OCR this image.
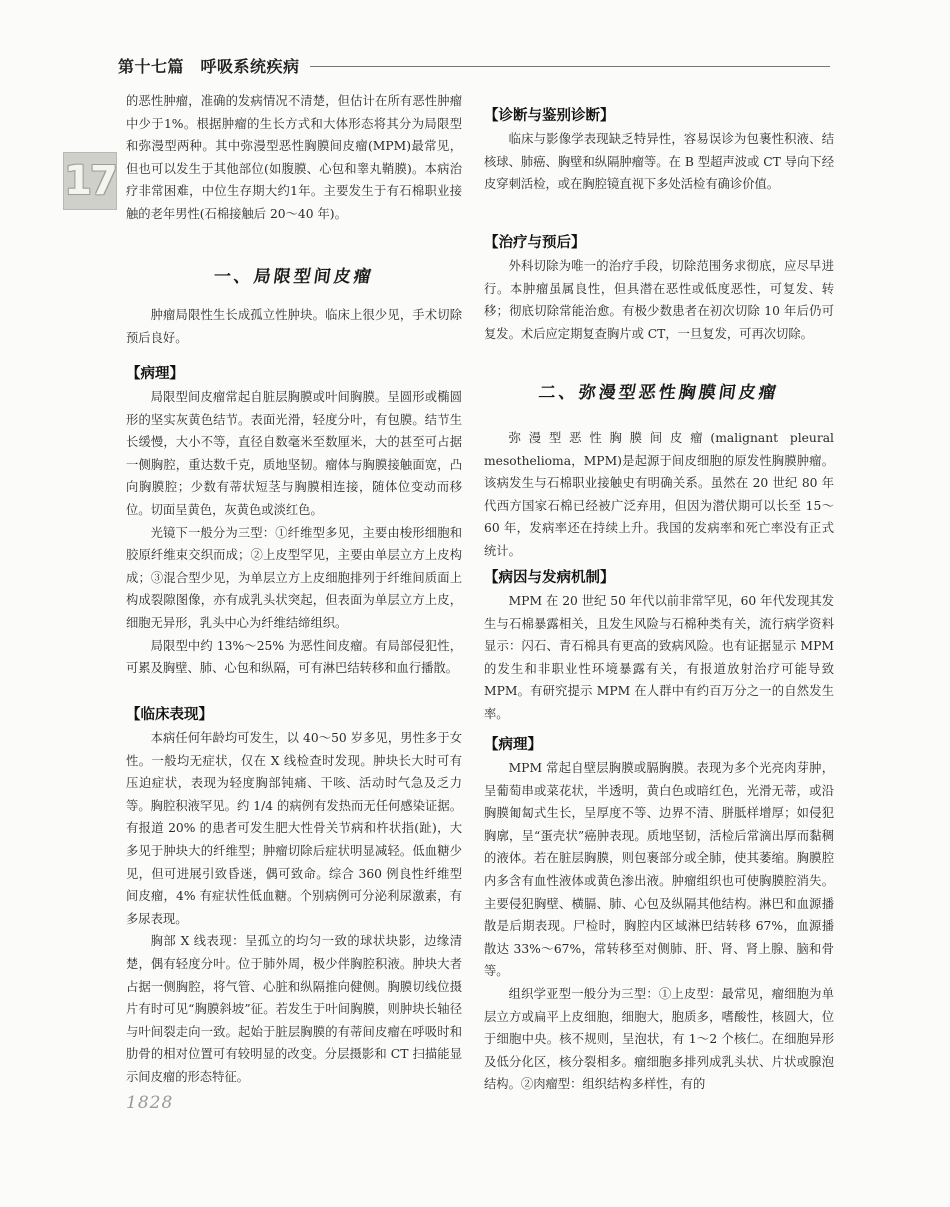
第十七篇　呼吸系统疾病
17

的恶性肿瘤，准确的发病情况不清楚，但估计在所有恶性肿瘤中少于1%。根据肿瘤的生长方式和大体形态将其分为局限型和弥漫型两种。其中弥漫型恶性胸膜间皮瘤(MPM)最常见，但也可以发生于其他部位(如腹膜、心包和睾丸鞘膜)。本病治疗非常困难，中位生存期大约1年。主要发生于有石棉职业接触的老年男性(石棉接触后 20～40 年)。

一、局限型间皮瘤

肿瘤局限性生长成孤立性肿块。临床上很少见，手术切除预后良好。

【病理】

局限型间皮瘤常起自脏层胸膜或叶间胸膜。呈圆形或椭圆形的坚实灰黄色结节。表面光滑，轻度分叶，有包膜。结节生长缓慢，大小不等，直径自数毫米至数厘米，大的甚至可占据一侧胸腔，重达数千克，质地坚韧。瘤体与胸膜接触面宽，凸向胸膜腔；少数有蒂状短茎与胸膜相连接，随体位变动而移位。切面呈黄色，灰黄色或淡红色。

光镜下一般分为三型：①纤维型多见，主要由梭形细胞和胶原纤维束交织而成；②上皮型罕见，主要由单层立方上皮构成；③混合型少见，为单层立方上皮细胞排列于纤维间质面上构成裂隙图像，亦有成乳头状突起，但表面为单层立方上皮，细胞无异形，乳头中心为纤维结缔组织。

局限型中约 13%～25% 为恶性间皮瘤。有局部侵犯性，可累及胸壁、肺、心包和纵隔，可有淋巴结转移和血行播散。

【临床表现】

本病任何年龄均可发生，以 40～50 岁多见，男性多于女性。一般均无症状，仅在 X 线检查时发现。肿块长大时可有压迫症状，表现为轻度胸部钝痛、干咳、活动时气急及乏力等。胸腔积液罕见。约 1/4 的病例有发热而无任何感染证据。有报道 20% 的患者可发生肥大性骨关节病和杵状指(趾)，大多见于肿块大的纤维型；肿瘤切除后症状明显减轻。低血糖少见，但可进展引致昏迷，偶可致命。综合 360 例良性纤维型间皮瘤，4% 有症状性低血糖。个别病例可分泌利尿激素，有多尿表现。

胸部 X 线表现：呈孤立的均匀一致的球状块影，边缘清楚，偶有轻度分叶。位于肺外周，极少伴胸腔积液。肿块大者占据一侧胸腔，将气管、心脏和纵隔推向健侧。胸膜切线位摄片有时可见“胸膜斜坡”征。若发生于叶间胸膜，则肿块长轴径与叶间裂走向一致。起始于脏层胸膜的有蒂间皮瘤在呼吸时和肋骨的相对位置可有较明显的改变。分层摄影和 CT 扫描能显示间皮瘤的形态特征。

【诊断与鉴别诊断】

临床与影像学表现缺乏特异性，容易误诊为包裹性积液、结核球、肺癌、胸壁和纵隔肿瘤等。在 B 型超声波或 CT 导向下经皮穿刺活检，或在胸腔镜直视下多处活检有确诊价值。

【治疗与预后】

外科切除为唯一的治疗手段，切除范围务求彻底，应尽早进行。本肿瘤虽属良性，但具潜在恶性或低度恶性，可复发、转移；彻底切除常能治愈。有极少数患者在初次切除 10 年后仍可复发。术后应定期复查胸片或 CT，一旦复发，可再次切除。

二、弥漫型恶性胸膜间皮瘤

弥漫型恶性胸膜间皮瘤(malignant pleural mesothelioma，MPM)是起源于间皮细胞的原发性胸膜肿瘤。该病发生与石棉职业接触史有明确关系。虽然在 20 世纪 80 年代西方国家石棉已经被广泛弃用，但因为潜伏期可以长至 15～60 年，发病率还在持续上升。我国的发病率和死亡率没有正式统计。

【病因与发病机制】

MPM 在 20 世纪 50 年代以前非常罕见，60 年代发现其发生与石棉暴露相关，且发生风险与石棉种类有关，流行病学资料显示：闪石、青石棉具有更高的致病风险。也有证据显示 MPM 的发生和非职业性环境暴露有关，有报道放射治疗可能导致 MPM。有研究提示 MPM 在人群中有约百万分之一的自然发生率。

【病理】

MPM 常起自壁层胸膜或膈胸膜。表现为多个光亮肉芽肿，呈葡萄串或菜花状，半透明，黄白色或暗红色，光滑无蒂，或沿胸膜匍匐式生长，呈厚度不等、边界不清、胼胝样增厚；如侵犯胸廓，呈“蛋壳状”癌肿表现。质地坚韧，活检后常滴出厚而黏稠的液体。若在脏层胸膜，则包裹部分或全肺，使其萎缩。胸膜腔内多含有血性液体或黄色渗出液。肿瘤组织也可使胸膜腔消失。主要侵犯胸壁、横膈、肺、心包及纵隔其他结构。淋巴和血源播散是后期表现。尸检时，胸腔内区域淋巴结转移 67%，血源播散达 33%～67%，常转移至对侧肺、肝、肾、肾上腺、脑和骨等。

组织学亚型一般分为三型：①上皮型：最常见，瘤细胞为单层立方或扁平上皮细胞，细胞大，胞质多，嗜酸性，核圆大，位于细胞中央。核不规则，呈泡状，有 1～2 个核仁。在细胞异形及低分化区，核分裂相多。瘤细胞多排列成乳头状、片状或腺泡结构。②肉瘤型：组织结构多样性，有的

1828
